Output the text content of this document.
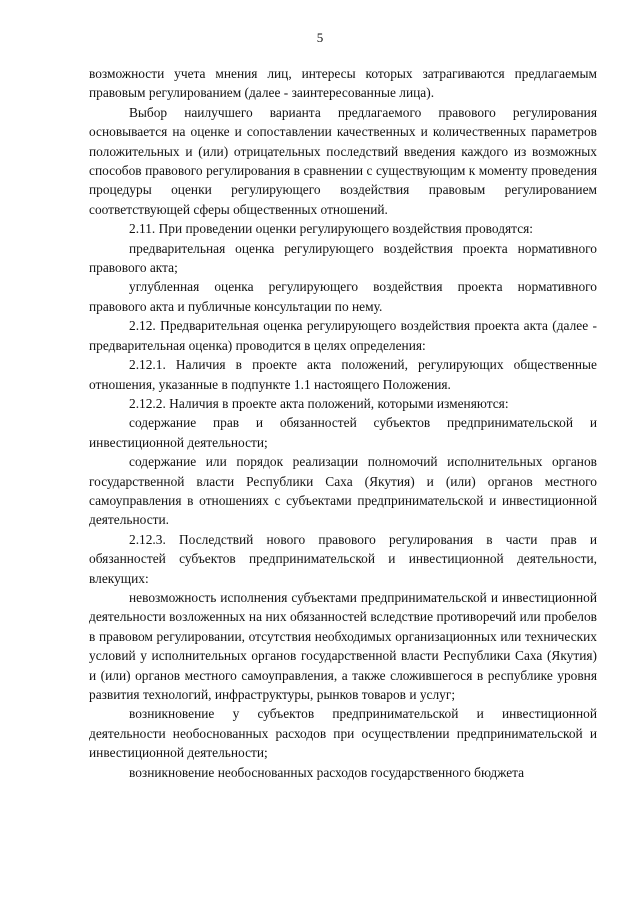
5

возможности учета мнения лиц, интересы которых затрагиваются предлагаемым правовым регулированием (далее - заинтересованные лица).

Выбор наилучшего варианта предлагаемого правового регулирования основывается на оценке и сопоставлении качественных и количественных параметров положительных и (или) отрицательных последствий введения каждого из возможных способов правового регулирования в сравнении с существующим к моменту проведения процедуры оценки регулирующего воздействия правовым регулированием соответствующей сферы общественных отношений.

2.11. При проведении оценки регулирующего воздействия проводятся:

предварительная оценка регулирующего воздействия проекта нормативного правового акта;

углубленная оценка регулирующего воздействия проекта нормативного правового акта и публичные консультации по нему.

2.12. Предварительная оценка регулирующего воздействия проекта акта (далее - предварительная оценка) проводится в целях определения:

2.12.1. Наличия в проекте акта положений, регулирующих общественные отношения, указанные в подпункте 1.1 настоящего Положения.

2.12.2. Наличия в проекте акта положений, которыми изменяются:

содержание прав и обязанностей субъектов предпринимательской и инвестиционной деятельности;

содержание или порядок реализации полномочий исполнительных органов государственной власти Республики Саха (Якутия) и (или) органов местного самоуправления в отношениях с субъектами предпринимательской и инвестиционной деятельности.

2.12.3. Последствий нового правового регулирования в части прав и обязанностей субъектов предпринимательской и инвестиционной деятельности, влекущих:

невозможность исполнения субъектами предпринимательской и инвестиционной деятельности возложенных на них обязанностей вследствие противоречий или пробелов в правовом регулировании, отсутствия необходимых организационных или технических условий у исполнительных органов государственной власти Республики Саха (Якутия) и (или) органов местного самоуправления, а также сложившегося в республике уровня развития технологий, инфраструктуры, рынков товаров и услуг;

возникновение у субъектов предпринимательской и инвестиционной деятельности необоснованных расходов при осуществлении предпринимательской и инвестиционной деятельности;

возникновение необоснованных расходов государственного бюджета
